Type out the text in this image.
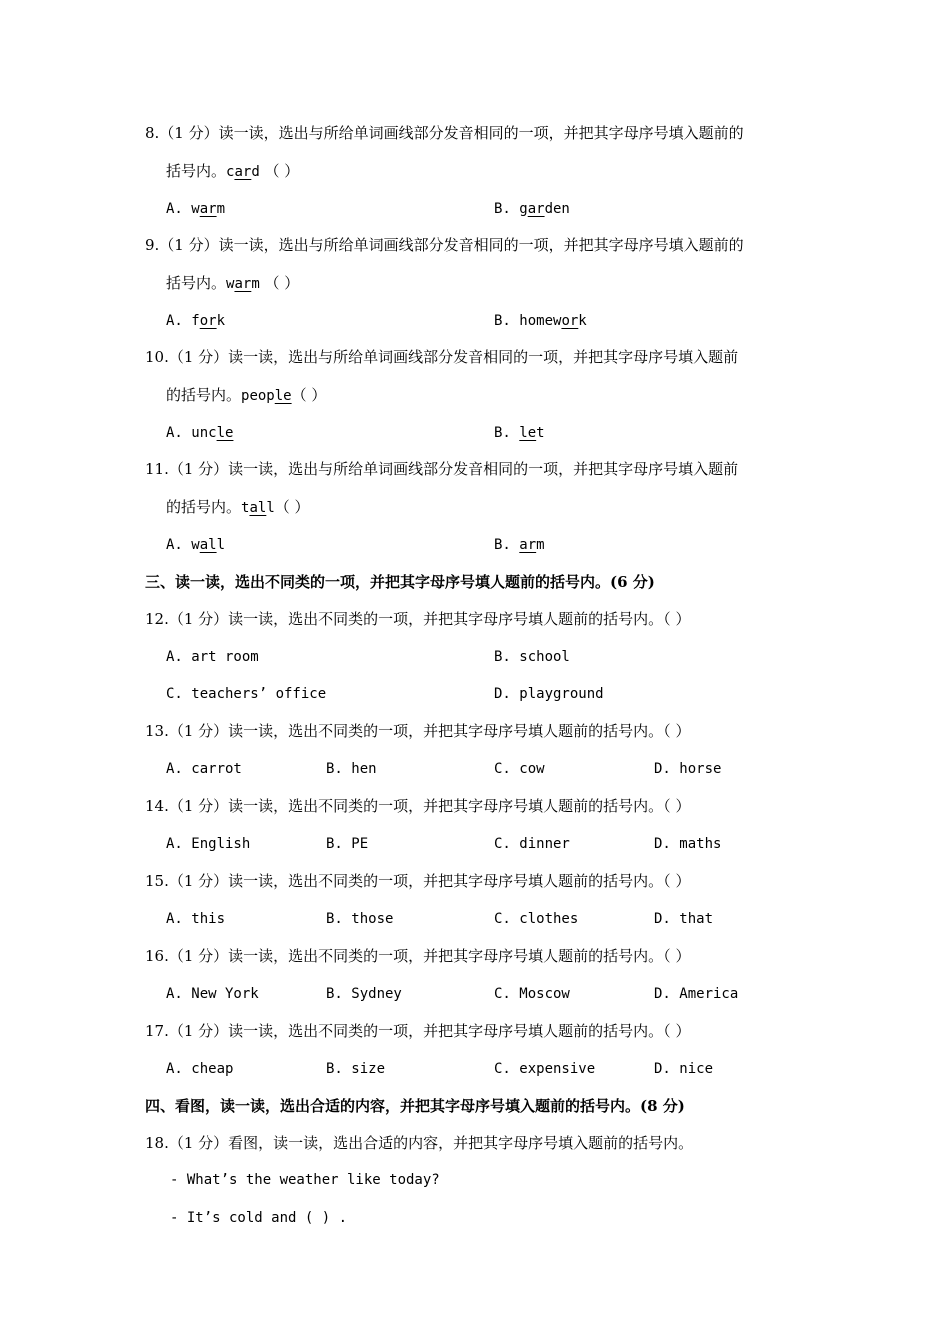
8.（1 分）读一读，选出与所给单词画线部分发音相同的一项，并把其字母序号填入题前的
括号内。card （ ）
A. warm	B. garden
9.（1 分）读一读，选出与所给单词画线部分发音相同的一项，并把其字母序号填入题前的
括号内。warm （ ）
A. fork	B. homework
10.（1 分）读一读，选出与所给单词画线部分发音相同的一项，并把其字母序号填入题前
的括号内。people（ ）
A. uncle	B. let
11.（1 分）读一读，选出与所给单词画线部分发音相同的一项，并把其字母序号填入题前
的括号内。tall（ ）
A. wall	B. arm
三、读一读，选出不同类的一项，并把其字母序号填人题前的括号内。(6 分)
12.（1 分）读一读，选出不同类的一项，并把其字母序号填人题前的括号内。（ ）
A. art room	B. school
C. teachers’ office	D. playground
13.（1 分）读一读，选出不同类的一项，并把其字母序号填人题前的括号内。（ ）
A. carrot	B. hen	C. cow	D. horse
14.（1 分）读一读，选出不同类的一项，并把其字母序号填人题前的括号内。（ ）
A. English	B. PE	C. dinner	D. maths
15.（1 分）读一读，选出不同类的一项，并把其字母序号填人题前的括号内。（ ）
A. this	B. those	C. clothes	D. that
16.（1 分）读一读，选出不同类的一项，并把其字母序号填人题前的括号内。（ ）
A. New York	B. Sydney	C. Moscow	D. America
17.（1 分）读一读，选出不同类的一项，并把其字母序号填人题前的括号内。（ ）
A. cheap	B. size	C. expensive	D. nice
四、看图，读一读，选出合适的内容，并把其字母序号填入题前的括号内。(8 分)
18.（1 分）看图，读一读，选出合适的内容，并把其字母序号填入题前的括号内。
- What’s the weather like today?
- It’s cold and ( ) .
